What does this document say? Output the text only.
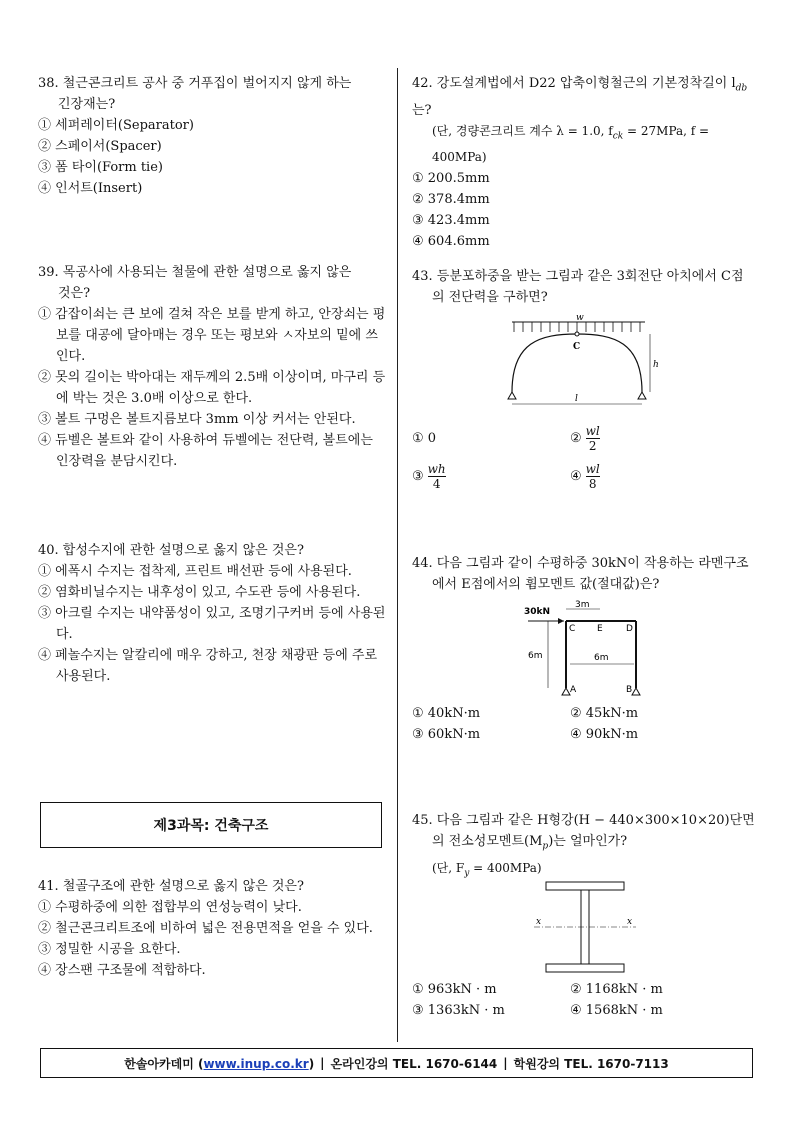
38. 철근콘크리트 공사 중 거푸집이 벌어지지 않게 하는
긴장재는?
① 세퍼레이터(Separator)
② 스페이서(Spacer)
③ 폼 타이(Form tie)
④ 인서트(Insert)
39. 목공사에 사용되는 철물에 관한 설명으로 옳지 않은
것은?
① 감잡이쇠는 큰 보에 걸쳐 작은 보를 받게 하고, 안장쇠는 평보를 대공에 달아매는 경우 또는 평보와 ㅅ자보의 밑에 쓰인다.
② 못의 길이는 박아대는 재두께의 2.5배 이상이며, 마구리 등에 박는 것은 3.0배 이상으로 한다.
③ 볼트 구멍은 볼트지름보다 3mm 이상 커서는 안된다.
④ 듀벨은 볼트와 같이 사용하여 듀벨에는 전단력, 볼트에는 인장력을 분담시킨다.
40. 합성수지에 관한 설명으로 옳지 않은 것은?
① 에폭시 수지는 접착제, 프린트 배선판 등에 사용된다.
② 염화비닐수지는 내후성이 있고, 수도관 등에 사용된다.
③ 아크릴 수지는 내약품성이 있고, 조명기구커버 등에 사용된다.
④ 페놀수지는 알칼리에 매우 강하고, 천장 채광판 등에 주로 사용된다.
제3과목: 건축구조
41. 철골구조에 관한 설명으로 옳지 않은 것은?
① 수평하중에 의한 접합부의 연성능력이 낮다.
② 철근콘크리트조에 비하여 넓은 전용면적을 얻을 수 있다.
③ 정밀한 시공을 요한다.
④ 장스팬 구조물에 적합하다.
42. 강도설계법에서 D22 압축이형철근의 기본정착길이 $l_{db}$는?
(단, 경량콘크리트 계수 λ = 1.0, $f_{ck} = 27MPa$, f = 400MPa)
① 200.5mm
② 378.4mm
③ 423.4mm
④ 604.6mm
43. 등분포하중을 받는 그림과 같은 3회전단 아치에서 C점
의 전단력을 구하면?
w
C
h
l
① 0	② $\frac{wl}{2}$
③ $\frac{wh}{4}$	④ $\frac{wl}{8}$
44. 다음 그림과 같이 수평하중 30kN이 작용하는 라멘구조
에서 E점에서의 휨모멘트 값(절대값)은?
30kN
3m
6m	6m
C E	D
A	B
① 40kN·m	② 45kN·m
③ 60kN·m	④ 90kN·m
45. 다음 그림과 같은 H형강(H − 440×300×10×20)단면
의 전소성모멘트$(M_p)$는 얼마인가?
(단, $F_y = 400MPa$)
x	x
① 963kN · m	② 1168kN · m
③ 1363kN · m	④ 1568kN · m
한솔아카데미 (www.inup.co.kr) | 온라인강의 TEL. 1670-6144 | 학원강의 TEL. 1670-7113
